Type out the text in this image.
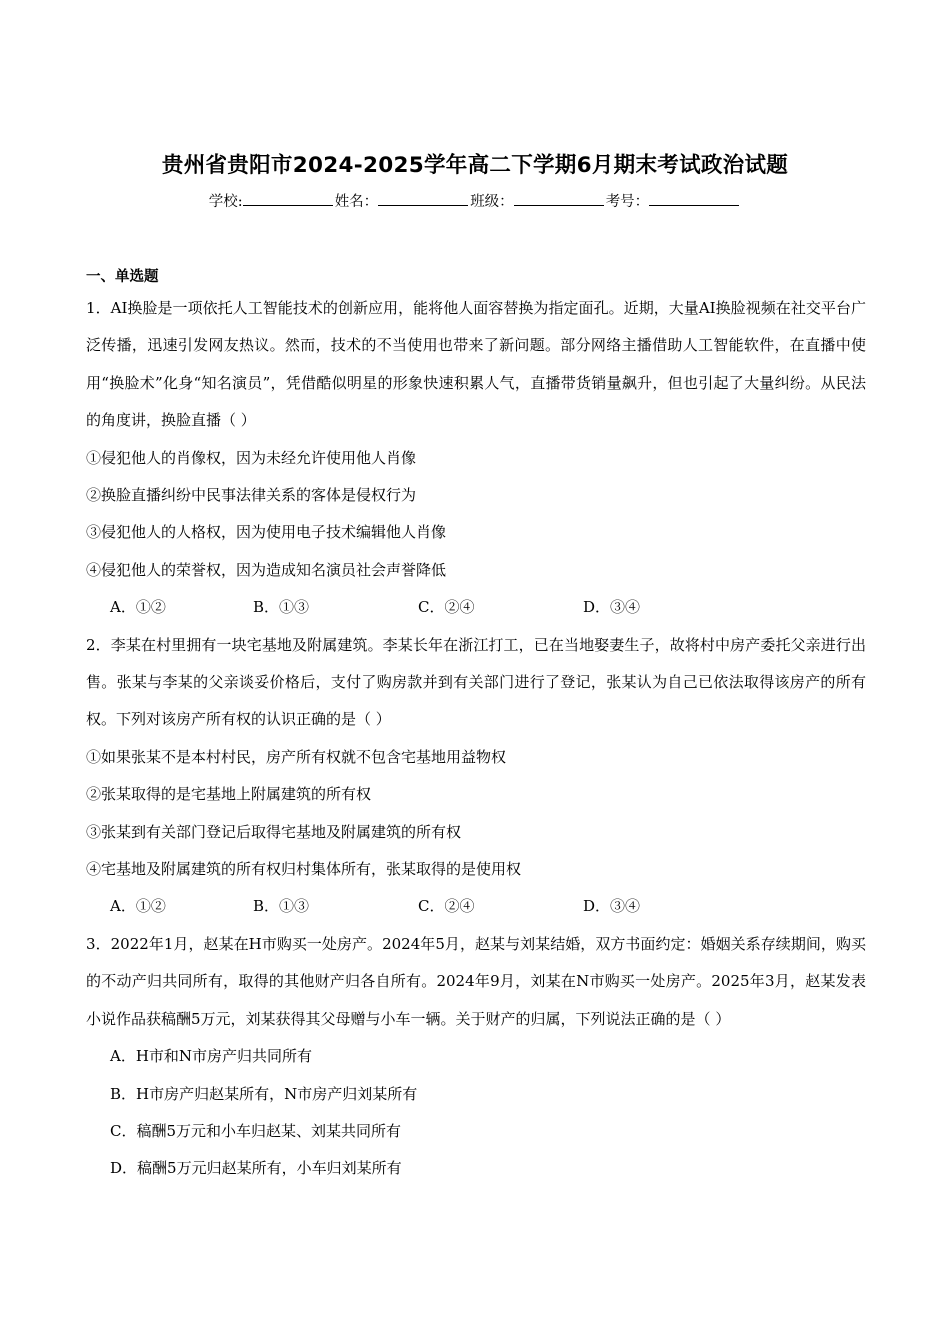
贵州省贵阳市2024-2025学年高二下学期6月期末考试政治试题
学校:	姓名：	班级：	考号：
一、单选题

1．AI换脸是一项依托人工智能技术的创新应用，能将他人面容替换为指定面孔。近期，大量AI换脸视频在社交平台广泛传播，迅速引发网友热议。然而，技术的不当使用也带来了新问题。部分网络主播借助人工智能软件，在直播中使用“换脸术”化身“知名演员”，凭借酷似明星的形象快速积累人气，直播带货销量飙升，但也引起了大量纠纷。从民法的角度讲，换脸直播（ ）

①侵犯他人的肖像权，因为未经允许使用他人肖像

②换脸直播纠纷中民事法律关系的客体是侵权行为

③侵犯他人的人格权，因为使用电子技术编辑他人肖像

④侵犯他人的荣誉权，因为造成知名演员社会声誉降低

A．①②	B．①③	C．②④	D．③④

2．李某在村里拥有一块宅基地及附属建筑。李某长年在浙江打工，已在当地娶妻生子，故将村中房产委托父亲进行出售。张某与李某的父亲谈妥价格后，支付了购房款并到有关部门进行了登记，张某认为自己已依法取得该房产的所有权。下列对该房产所有权的认识正确的是（ ）

①如果张某不是本村村民，房产所有权就不包含宅基地用益物权

②张某取得的是宅基地上附属建筑的所有权

③张某到有关部门登记后取得宅基地及附属建筑的所有权

④宅基地及附属建筑的所有权归村集体所有，张某取得的是使用权

A．①②	B．①③	C．②④	D．③④

3．2022年1月，赵某在H市购买一处房产。2024年5月，赵某与刘某结婚，双方书面约定：婚姻关系存续期间，购买的不动产归共同所有，取得的其他财产归各自所有。2024年9月，刘某在N市购买一处房产。2025年3月，赵某发表小说作品获稿酬5万元，刘某获得其父母赠与小车一辆。关于财产的归属，下列说法正确的是（ ）

A．H市和N市房产归共同所有

B．H市房产归赵某所有，N市房产归刘某所有

C．稿酬5万元和小车归赵某、刘某共同所有

D．稿酬5万元归赵某所有，小车归刘某所有
